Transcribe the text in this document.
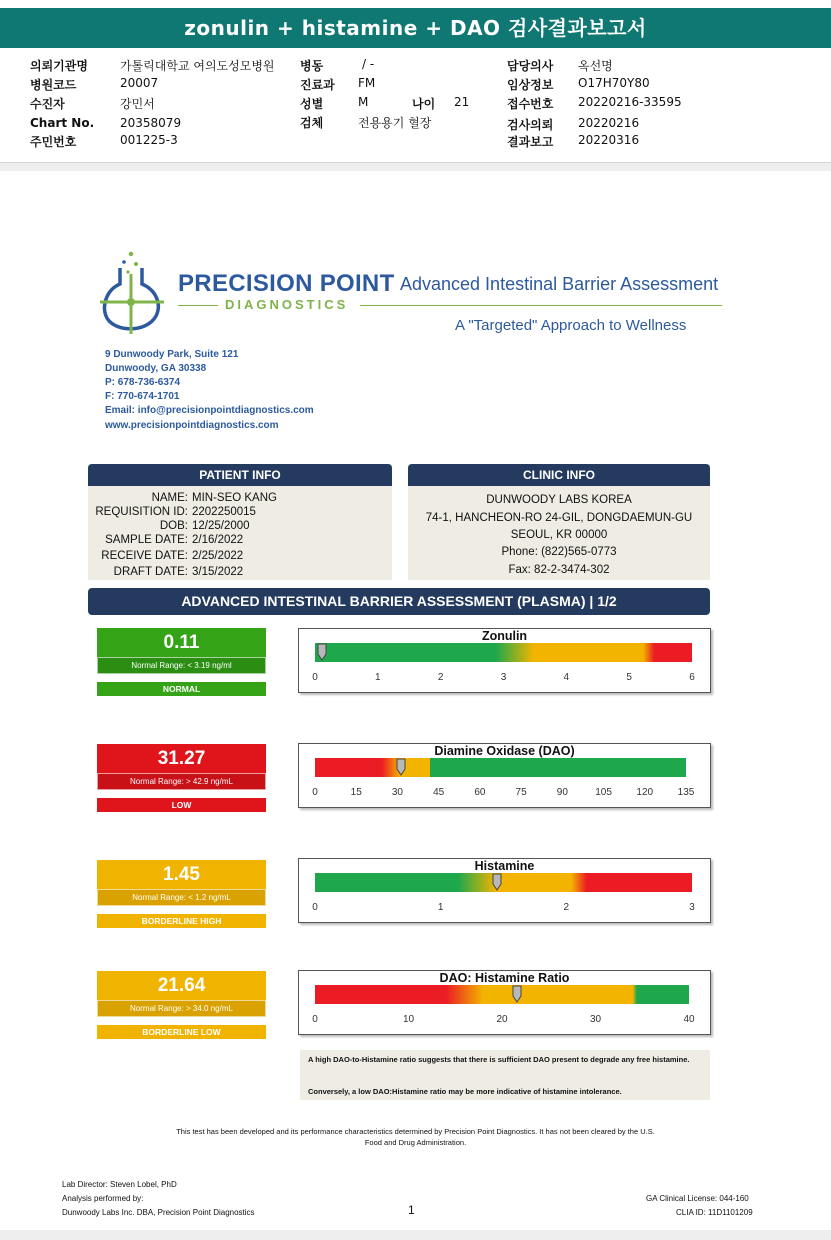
zonulin + histamine + DAO 검사결과보고서
의뢰기관명	가톨릭대학교 여의도성모병원 병동	/ -	담당의사 옥선명
병원코드	20007	진료과 FM	임상정보 O17H70Y80
수진자	강민서	성별	M	나이 21	접수번호 20220216-33595
Chart No. 20358079	검체	전용용기 혈장	검사의뢰 20220216
주민번호	001225-3	결과보고 20220316
PRECISION POINT
DIAGNOSTICS
Advanced Intestinal Barrier Assessment
A "Targeted" Approach to Wellness
9 Dunwoody Park, Suite 121
Dunwoody, GA 30338
P: 678-736-6374
F: 770-674-1701
Email: info@precisionpointdiagnostics.com
www.precisionpointdiagnostics.com
PATIENT INFO
NAME: MIN-SEO KANG
REQUISITION ID: 2202250015
DOB: 12/25/2000
SAMPLE DATE: 2/16/2022
RECEIVE DATE: 2/25/2022
DRAFT DATE: 3/15/2022
CLINIC INFO
DUNWOODY LABS KOREA
74-1, HANCHEON-RO 24-GIL, DONGDAEMUN-GU
SEOUL, KR 00000
Phone: (822)565-0773
Fax: 82-2-3474-302
ADVANCED INTESTINAL BARRIER ASSESSMENT (PLASMA) | 1/2
0.11
Normal Range: < 3.19 ng/ml
NORMAL
31.27
Normal Range: > 42.9 ng/mL
LOW
1.45
Normal Range: < 1.2 ng/mL
BORDERLINE HIGH
21.64
Normal Range: > 34.0 ng/mL
BORDERLINE LOW
Zonulin
0	1	2	3	4	5	6
Diamine Oxidase (DAO)
0	15	30	45	60	75	90	105 120 135
Histamine
0	1	2	3
DAO: Histamine Ratio
0	10	20	30	40
A high DAO-to-Histamine ratio suggests that there is sufficient DAO present to degrade any free histamine.
Conversely, a low DAO:Histamine ratio may be more indicative of histamine intolerance.
This test has been developed and its performance characteristics determined by Precision Point Diagnostics. It has not been cleared by the U.S.
Food and Drug Administration.
Lab Director: Steven Lobel, PhD
Analysis performed by:
Dunwoody Labs Inc. DBA, Precision Point Diagnostics	1
GA Clinical License: 044-160
CLIA ID: 11D1101209
